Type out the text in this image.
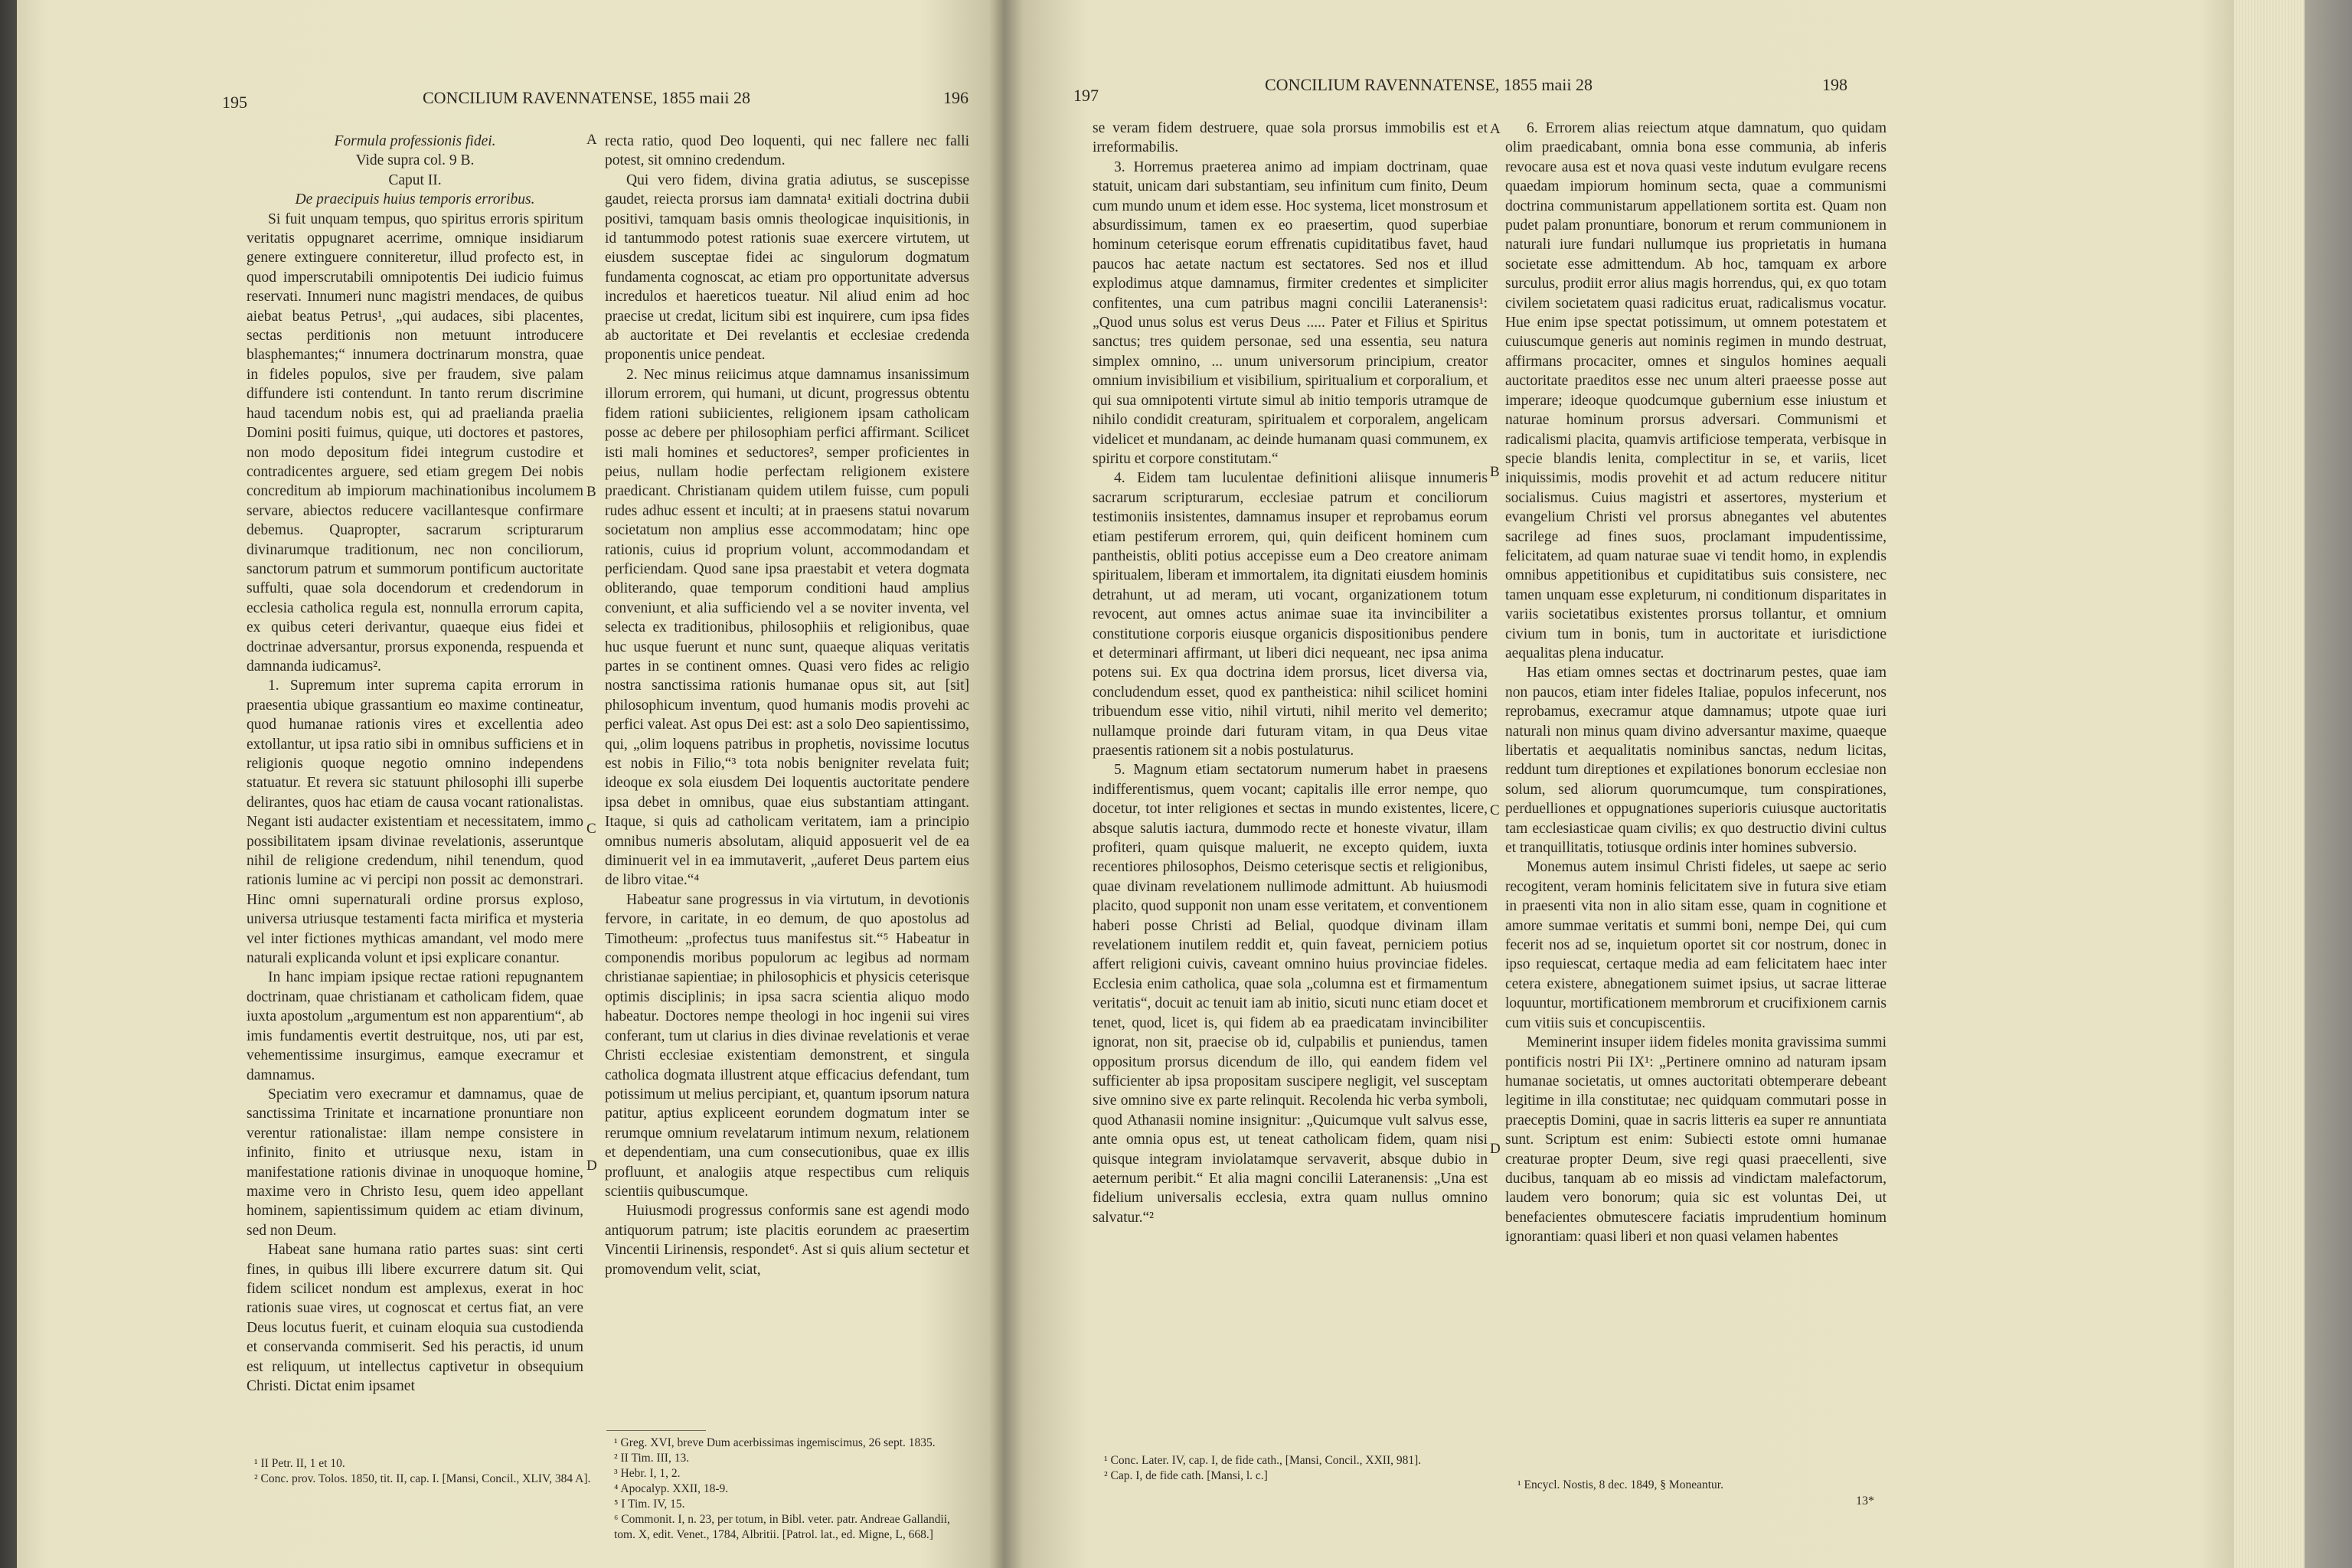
195	CONCILIUM RAVENNATENSE, 1855 maii 28	196

Formula professionis fidei.

Vide supra col. 9 B.

Caput II.

De praecipuis huius temporis erroribus.

Si fuit unquam tempus, quo spiritus erroris spiritum veritatis oppugnaret acerrime, omnique insidiarum genere extinguere conniteretur, illud profecto est, in quod imperscrutabili omnipotentis Dei iudicio fuimus reservati. Innumeri nunc magistri mendaces, de quibus aiebat beatus Petrus¹, „qui audaces, sibi placentes, sectas perditionis non metuunt introducere blasphemantes;“ innumera doctrinarum monstra, quae in fideles populos, sive per fraudem, sive palam diffundere isti contendunt. In tanto rerum discrimine haud tacendum nobis est, qui ad praelianda praelia Domini positi fuimus, quique, uti doctores et pastores, non modo depositum fidei integrum custodire et contradicentes arguere, sed etiam gregem Dei nobis concreditum ab impiorum machinationibus incolumem servare, abiectos reducere vacillantesque confirmare debemus. Quapropter, sacrarum scripturarum divinarumque traditionum, nec non conciliorum, sanctorum patrum et summorum pontificum auctoritate suffulti, quae sola docendorum et credendorum in ecclesia catholica regula est, nonnulla errorum capita, ex quibus ceteri derivantur, quaeque eius fidei et doctrinae adversantur, prorsus exponenda, respuenda et damnanda iudicamus².

1. Supremum inter suprema capita errorum in praesentia ubique grassantium eo maxime contineatur, quod humanae rationis vires et excellentia adeo extollantur, ut ipsa ratio sibi in omnibus sufficiens et in religionis quoque negotio omnino independens statuatur. Et revera sic statuunt philosophi illi superbe delirantes, quos hac etiam de causa vocant rationalistas. Negant isti audacter existentiam et necessitatem, immo possibilitatem ipsam divinae revelationis, asseruntque nihil de religione credendum, nihil tenendum, quod rationis lumine ac vi percipi non possit ac demonstrari. Hinc omni supernaturali ordine prorsus exploso, universa utriusque testamenti facta mirifica et mysteria vel inter fictiones mythicas amandant, vel modo mere naturali explicanda volunt et ipsi explicare conantur.

In hanc impiam ipsique rectae rationi repugnantem doctrinam, quae christianam et catholicam fidem, quae iuxta apostolum „argumentum est non apparentium“, ab imis fundamentis evertit destruitque, nos, uti par est, vehementissime insurgimus, eamque execramur et damnamus.

Speciatim vero execramur et damnamus, quae de sanctissima Trinitate et incarnatione pronuntiare non verentur rationalistae: illam nempe consistere in infinito, finito et utriusque nexu, istam in manifestatione rationis divinae in unoquoque homine, maxime vero in Christo Iesu, quem ideo appellant hominem, sapientissimum quidem ac etiam divinum, sed non Deum.

Habeat sane humana ratio partes suas: sint certi fines, in quibus illi libere excurrere datum sit. Qui fidem scilicet nondum est amplexus, exerat in hoc rationis suae vires, ut cognoscat et certus fiat, an vere Deus locutus fuerit, et cuinam eloquia sua custodienda et conservanda commiserit. Sed his peractis, id unum est reliquum, ut intellectus captivetur in obsequium Christi. Dictat enim ipsamet

¹ II Petr. II, 1 et 10.
² Conc. prov. Tolos. 1850, tit. II, cap. I. [Mansi, Concil., XLIV, 384 A].
A
B
C
D

recta ratio, quod Deo loquenti, qui nec fallere nec falli potest, sit omnino credendum.

Qui vero fidem, divina gratia adiutus, se suscepisse gaudet, reiecta prorsus iam damnata¹ exitiali doctrina dubii positivi, tamquam basis omnis theologicae inquisitionis, in id tantummodo potest rationis suae exercere virtutem, ut eiusdem susceptae fidei ac singulorum dogmatum fundamenta cognoscat, ac etiam pro opportunitate adversus incredulos et haereticos tueatur. Nil aliud enim ad hoc praecise ut credat, licitum sibi est inquirere, cum ipsa fides ab auctoritate et Dei revelantis et ecclesiae credenda proponentis unice pendeat.

2. Nec minus reiicimus atque damnamus insanissimum illorum errorem, qui humani, ut dicunt, progressus obtentu fidem rationi subiicientes, religionem ipsam catholicam posse ac debere per philosophiam perfici affirmant. Scilicet isti mali homines et seductores², semper proficientes in peius, nullam hodie perfectam religionem existere praedicant. Christianam quidem utilem fuisse, cum populi rudes adhuc essent et inculti; at in praesens statui novarum societatum non amplius esse accommodatam; hinc ope rationis, cuius id proprium volunt, accommodandam et perficiendam. Quod sane ipsa praestabit et vetera dogmata obliterando, quae temporum conditioni haud amplius conveniunt, et alia sufficiendo vel a se noviter inventa, vel selecta ex traditionibus, philosophiis et religionibus, quae huc usque fuerunt et nunc sunt, quaeque aliquas veritatis partes in se continent omnes. Quasi vero fides ac religio nostra sanctissima rationis humanae opus sit, aut [sit] philosophicum inventum, quod humanis modis provehi ac perfici valeat. Ast opus Dei est: ast a solo Deo sapientissimo, qui, „olim loquens patribus in prophetis, novissime locutus est nobis in Filio,“³ tota nobis benigniter revelata fuit; ideoque ex sola eiusdem Dei loquentis auctoritate pendere ipsa debet in omnibus, quae eius substantiam attingant. Itaque, si quis ad catholicam veritatem, iam a principio omnibus numeris absolutam, aliquid apposuerit vel de ea diminuerit vel in ea immutaverit, „auferet Deus partem eius de libro vitae.“⁴

Habeatur sane progressus in via virtutum, in devotionis fervore, in caritate, in eo demum, de quo apostolus ad Timotheum: „profectus tuus manifestus sit.“⁵ Habeatur in componendis moribus populorum ac legibus ad normam christianae sapientiae; in philosophicis et physicis ceterisque optimis disciplinis; in ipsa sacra scientia aliquo modo habeatur. Doctores nempe theologi in hoc ingenii sui vires conferant, tum ut clarius in dies divinae revelationis et verae Christi ecclesiae existentiam demonstrent, et singula catholica dogmata illustrent atque efficacius defendant, tum potissimum ut melius percipiant, et, quantum ipsorum natura patitur, aptius expliceent eorundem dogmatum inter se rerumque omnium revelatarum intimum nexum, relationem et dependentiam, una cum consecutionibus, quae ex illis profluunt, et analogiis atque respectibus cum reliquis scientiis quibuscumque.

Huiusmodi progressus conformis sane est agendi modo antiquorum patrum; iste placitis eorundem ac praesertim Vincentii Lirinensis, respondet⁶. Ast si quis alium sectetur et promovendum velit, sciat,

¹ Greg. XVI, breve Dum acerbissimas ingemiscimus, 26 sept. 1835.
² II Tim. III, 13.
³ Hebr. I, 1, 2.
⁴ Apocalyp. XXII, 18-9.
⁵ I Tim. IV, 15.
⁶ Commonit. I, n. 23, per totum, in Bibl. veter. patr. Andreae Gallandii, tom. X, edit. Venet., 1784, Albritii. [Patrol. lat., ed. Migne, L, 668.]
197
CONCILIUM RAVENNATENSE, 1855 maii 28	198

se veram fidem destruere, quae sola prorsus immobilis est et irreformabilis.

3. Horremus praeterea animo ad impiam doctrinam, quae statuit, unicam dari substantiam, seu infinitum cum finito, Deum cum mundo unum et idem esse. Hoc systema, licet monstrosum et absurdissimum, tamen ex eo praesertim, quod superbiae hominum ceterisque eorum effrenatis cupiditatibus favet, haud paucos hac aetate nactum est sectatores. Sed nos et illud explodimus atque damnamus, firmiter credentes et simpliciter confitentes, una cum patribus magni concilii Lateranensis¹: „Quod unus solus est verus Deus ..... Pater et Filius et Spiritus sanctus; tres quidem personae, sed una essentia, seu natura simplex omnino, ... unum universorum principium, creator omnium invisibilium et visibilium, spiritualium et corporalium, et qui sua omnipotenti virtute simul ab initio temporis utramque de nihilo condidit creaturam, spiritualem et corporalem, angelicam videlicet et mundanam, ac deinde humanam quasi communem, ex spiritu et corpore constitutam.“

4. Eidem tam luculentae definitioni aliisque innumeris sacrarum scripturarum, ecclesiae patrum et conciliorum testimoniis insistentes, damnamus insuper et reprobamus eorum etiam pestiferum errorem, qui, quin deificent hominem cum pantheistis, obliti potius accepisse eum a Deo creatore animam spiritualem, liberam et immortalem, ita dignitati eiusdem hominis detrahunt, ut ad meram, uti vocant, organizationem totum revocent, aut omnes actus animae suae ita invincibiliter a constitutione corporis eiusque organicis dispositionibus pendere et determinari affirmant, ut liberi dici nequeant, nec ipsa anima potens sui. Ex qua doctrina idem prorsus, licet diversa via, concludendum esset, quod ex pantheistica: nihil scilicet homini tribuendum esse vitio, nihil virtuti, nihil merito vel demerito; nullamque proinde dari futuram vitam, in qua Deus vitae praesentis rationem sit a nobis postulaturus.

5. Magnum etiam sectatorum numerum habet in praesens indifferentismus, quem vocant; capitalis ille error nempe, quo docetur, tot inter religiones et sectas in mundo existentes, licere, absque salutis iactura, dummodo recte et honeste vivatur, illam profiteri, quam quisque maluerit, ne excepto quidem, iuxta recentiores philosophos, Deismo ceterisque sectis et religionibus, quae divinam revelationem nullimode admittunt. Ab huiusmodi placito, quod supponit non unam esse veritatem, et conventionem haberi posse Christi ad Belial, quodque divinam illam revelationem inutilem reddit et, quin faveat, perniciem potius affert religioni cuivis, caveant omnino huius provinciae fideles. Ecclesia enim catholica, quae sola „columna est et firmamentum veritatis“, docuit ac tenuit iam ab initio, sicuti nunc etiam docet et tenet, quod, licet is, qui fidem ab ea praedicatam invincibiliter ignorat, non sit, praecise ob id, culpabilis et puniendus, tamen oppositum prorsus dicendum de illo, qui eandem fidem vel sufficienter ab ipsa propositam suscipere negligit, vel susceptam sive omnino sive ex parte relinquit. Recolenda hic verba symboli, quod Athanasii nomine insignitur: „Quicumque vult salvus esse, ante omnia opus est, ut teneat catholicam fidem, quam nisi quisque integram inviolatamque servaverit, absque dubio in aeternum peribit.“ Et alia magni concilii Lateranensis: „Una est fidelium universalis ecclesia, extra quam nullus omnino salvatur.“²

¹ Conc. Later. IV, cap. I, de fide cath., [Mansi, Concil., XXII, 981].
² Cap. I, de fide cath. [Mansi, l. c.]
A
B
C
D

6. Errorem alias reiectum atque damnatum, quo quidam olim praedicabant, omnia bona esse communia, ab inferis revocare ausa est et nova quasi veste indutum evulgare recens quaedam impiorum hominum secta, quae a communismi doctrina communistarum appellationem sortita est. Quam non pudet palam pronuntiare, bonorum et rerum communionem in naturali iure fundari nullumque ius proprietatis in humana societate esse admittendum. Ab hoc, tamquam ex arbore surculus, prodiit error alius magis horrendus, qui, ex quo totam civilem societatem quasi radicitus eruat, radicalismus vocatur. Hue enim ipse spectat potissimum, ut omnem potestatem et cuiuscumque generis aut nominis regimen in mundo destruat, affirmans procaciter, omnes et singulos homines aequali auctoritate praeditos esse nec unum alteri praeesse posse aut imperare; ideoque quodcumque gubernium esse iniustum et naturae hominum prorsus adversari. Communismi et radicalismi placita, quamvis artificiose temperata, verbisque in specie blandis lenita, complectitur in se, et variis, licet iniquissimis, modis provehit et ad actum reducere nititur socialismus. Cuius magistri et assertores, mysterium et evangelium Christi vel prorsus abnegantes vel abutentes sacrilege ad fines suos, proclamant impudentissime, felicitatem, ad quam naturae suae vi tendit homo, in explendis omnibus appetitionibus et cupiditatibus suis consistere, nec tamen unquam esse expleturum, ni conditionum disparitates in variis societatibus existentes prorsus tollantur, et omnium civium tum in bonis, tum in auctoritate et iurisdictione aequalitas plena inducatur.

Has etiam omnes sectas et doctrinarum pestes, quae iam non paucos, etiam inter fideles Italiae, populos infecerunt, nos reprobamus, execramur atque damnamus; utpote quae iuri naturali non minus quam divino adversantur maxime, quaeque libertatis et aequalitatis nominibus sanctas, nedum licitas, reddunt tum direptiones et expilationes bonorum ecclesiae non solum, sed aliorum quorumcumque, tum conspirationes, perduelliones et oppugnationes superioris cuiusque auctoritatis tam ecclesiasticae quam civilis; ex quo destructio divini cultus et tranquillitatis, totiusque ordinis inter homines subversio.

Monemus autem insimul Christi fideles, ut saepe ac serio recogitent, veram hominis felicitatem sive in futura sive etiam in praesenti vita non in alio sitam esse, quam in cognitione et amore summae veritatis et summi boni, nempe Dei, qui cum fecerit nos ad se, inquietum oportet sit cor nostrum, donec in ipso requiescat, certaque media ad eam felicitatem haec inter cetera existere, abnegationem suimet ipsius, ut sacrae litterae loquuntur, mortificationem membrorum et crucifixionem carnis cum vitiis suis et concupiscentiis.

Meminerint insuper iidem fideles monita gravissima summi pontificis nostri Pii IX¹: „Pertinere omnino ad naturam ipsam humanae societatis, ut omnes auctoritati obtemperare debeant legitime in illa constitutae; nec quidquam commutari posse in praeceptis Domini, quae in sacris litteris ea super re annuntiata sunt. Scriptum est enim: Subiecti estote omni humanae creaturae propter Deum, sive regi quasi praecellenti, sive ducibus, tanquam ab eo missis ad vindictam malefactorum, laudem vero bonorum; quia sic est voluntas Dei, ut benefacientes obmutescere faciatis imprudentium hominum ignorantiam: quasi liberi et non quasi velamen habentes

¹ Encycl. Nostis, 8 dec. 1849, § Moneantur.
13*
